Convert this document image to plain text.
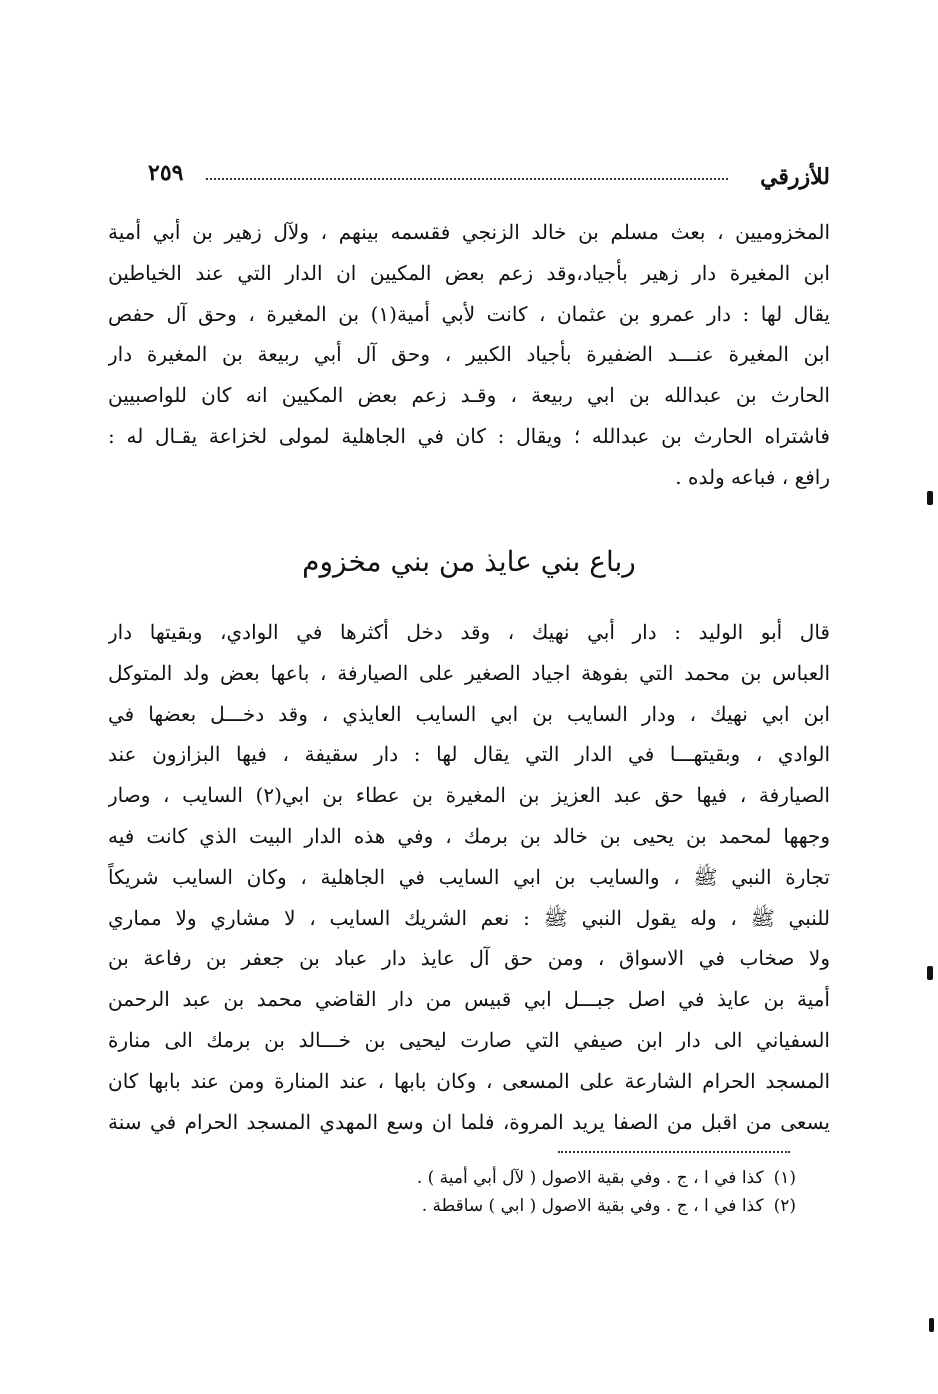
للأزرقي
٢٥٩
المخزوميين ، بعث مسلم بن خالد الزنجي فقسمه بينهم ، ولآل زهير بن أبي أمية
ابن المغيرة دار زهير بأجياد،وقد زعم بعض المكيين ان الدار التي عند الخياطين
يقال لها : دار عمرو بن عثمان ، كانت لأبي أمية(١) بن المغيرة ، وحق آل حفص
ابن المغيرة عنـــد الضفيرة بأجياد الكبير ، وحق آل أبي ربيعة بن المغيرة دار
الحارث بن عبدالله بن ابي ربيعة ، وقـد زعم بعض المكيين انه كان للواصبيين
فاشتراه الحارث بن عبدالله ؛ ويقال : كان في الجاهلية لمولى لخزاعة يقـال له :
رافع ، فباعه ولده .
رباع بني عايذ من بني مخزوم
قال أبو الوليد : دار أبي نهيك ، وقد دخل أكثرها في الوادي، وبقيتها دار
العباس بن محمد التي بفوهة اجياد الصغير على الصيارفة ، باعها بعض ولد المتوكل
ابن ابي نهيك ، ودار السايب بن ابي السايب العايذي ، وقد دخـــل بعضها في
الوادي ، وبقيتهـــا في الدار التي يقال لها : دار سقيفة ، فيها البزازون عند
الصيارفة ، فيها حق عبد العزيز بن المغيرة بن عطاء بن ابي(٢) السايب ، وصار
وجهها لمحمد بن يحيى بن خالد بن برمك ، وفي هذه الدار البيت الذي كانت فيه
تجارة النبي ﷺ ، والسايب بن ابي السايب في الجاهلية ، وكان السايب شريكاً
للنبي ﷺ ، وله يقول النبي ﷺ : نعم الشريك السايب ، لا مشاري ولا مماري
ولا صخاب في الاسواق ، ومن حق آل عايذ دار عباد بن جعفر بن رفاعة بن
أمية بن عايذ في اصل جبـــل ابي قبيس من دار القاضي محمد بن عبد الرحمن
السفياني الى دار ابن صيفي التي صارت ليحيى بن خـــالد بن برمك الى منارة
المسجد الحرام الشارعة على المسعى ، وكان بابها ، عند المنارة ومن عند بابها كان
يسعى من اقبل من الصفا يريد المروة، فلما ان وسع المهدي المسجد الحرام في سنة
(١)كذا في ا ، ج . وفي بقية الاصول ( لآل أبي أمية ) .
(٢)كذا في ا ، ج . وفي بقية الاصول ( ابي ) ساقطة .
